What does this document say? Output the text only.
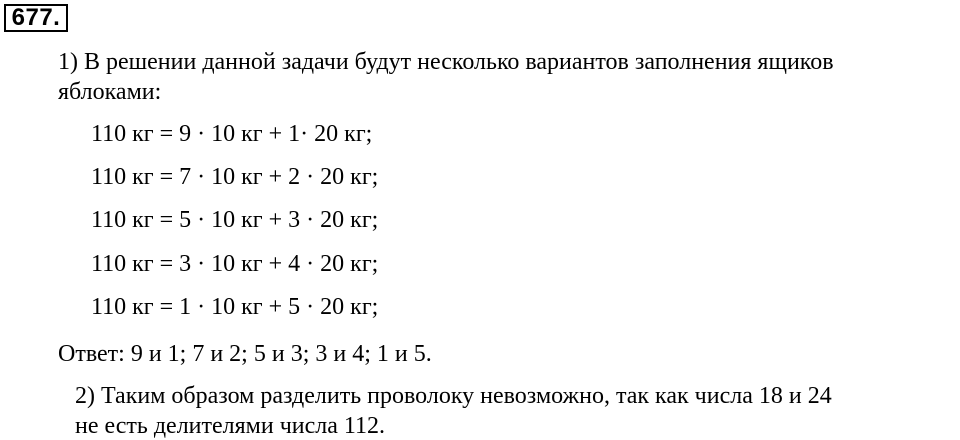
677.
1) В решении данной задачи будут несколько вариантов заполнения ящиков
яблоками:
110 кг = 9 · 10 кг + 1· 20 кг;
110 кг = 7 · 10 кг + 2 · 20 кг;
110 кг = 5 · 10 кг + 3 · 20 кг;
110 кг = 3 · 10 кг + 4 · 20 кг;
110 кг = 1 · 10 кг + 5 · 20 кг;
Ответ: 9 и 1; 7 и 2; 5 и 3; 3 и 4; 1 и 5.
2) Таким образом разделить проволоку невозможно, так как числа 18 и 24
не есть делителями числа 112.
